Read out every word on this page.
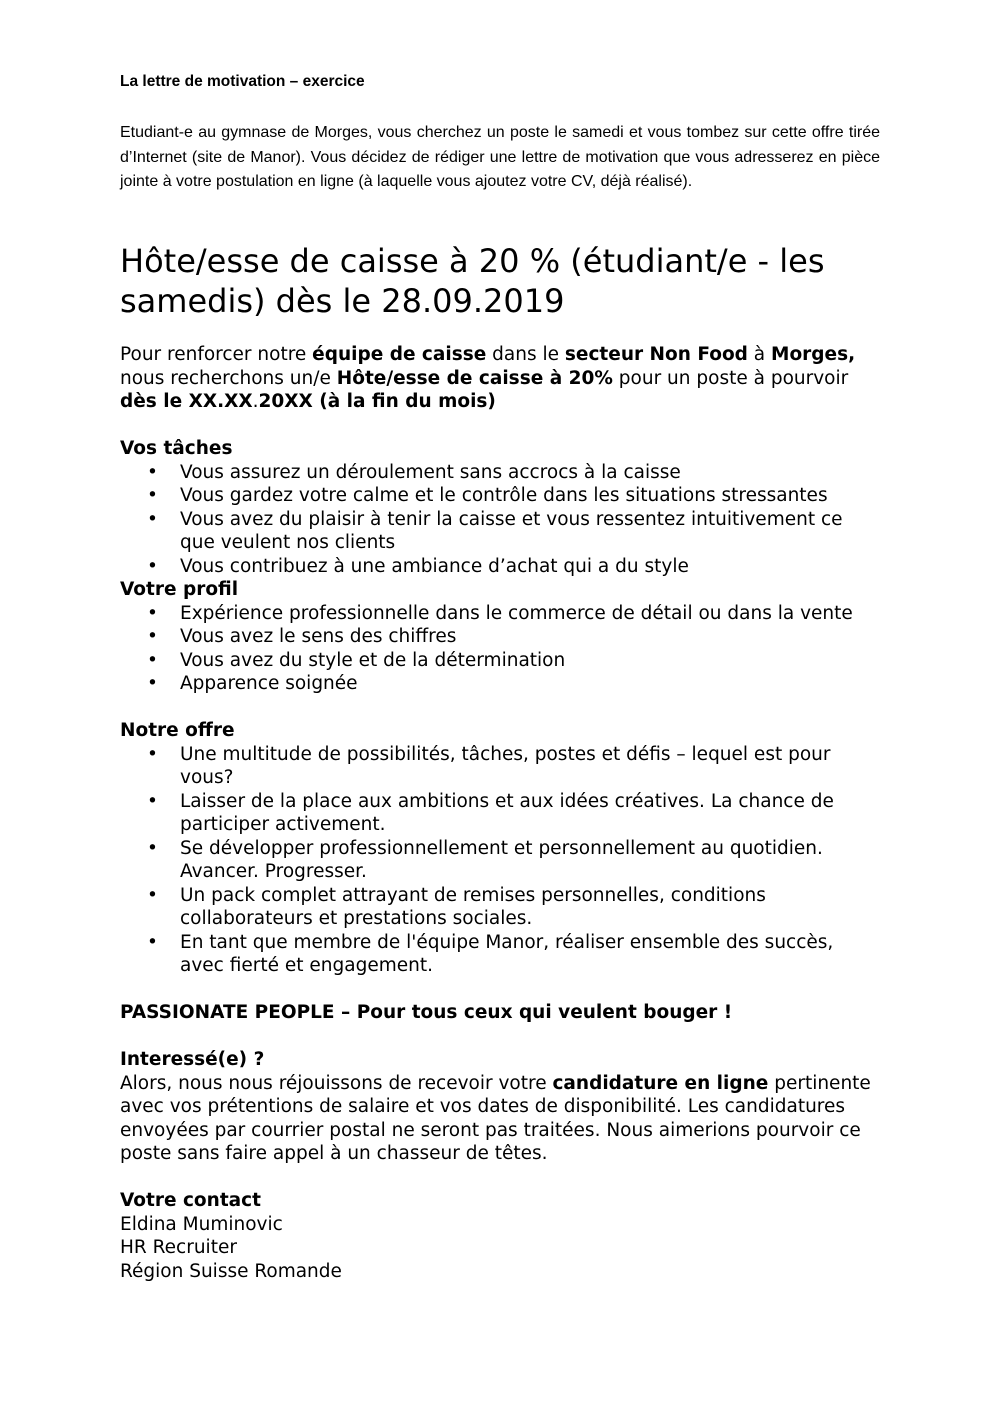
La lettre de motivation – exercice
Etudiant-e au gymnase de Morges, vous cherchez un poste le samedi et vous tombez sur cette offre tirée d’Internet (site de Manor). Vous décidez de rédiger une lettre de motivation que vous adresserez en pièce jointe à votre postulation en ligne (à laquelle vous ajoutez votre CV, déjà réalisé).
Hôte/esse de caisse à 20 % (étudiant/e - les samedis) dès le 28.09.2019

Pour renforcer notre équipe de caisse dans le secteur Non Food à Morges, nous recherchons un/e Hôte/esse de caisse à 20% pour un poste à pourvoir dès le XX.XX.20XX (à la fin du mois)

Vos tâches

• Vous assurez un déroulement sans accrocs à la caisse
• Vous gardez votre calme et le contrôle dans les situations stressantes
• Vous avez du plaisir à tenir la caisse et vous ressentez intuitivement ce que veulent nos clients
• Vous contribuez à une ambiance d’achat qui a du style

Votre profil

• Expérience professionnelle dans le commerce de détail ou dans la vente
• Vous avez le sens des chiffres
• Vous avez du style et de la détermination
• Apparence soignée

Notre offre

• Une multitude de possibilités, tâches, postes et défis – lequel est pour vous?
• Laisser de la place aux ambitions et aux idées créatives. La chance de participer activement.
• Se développer professionnellement et personnellement au quotidien. Avancer. Progresser.
• Un pack complet attrayant de remises personnelles, conditions collaborateurs et prestations sociales.
• En tant que membre de l'équipe Manor, réaliser ensemble des succès, avec fierté et engagement.

PASSIONATE PEOPLE – Pour tous ceux qui veulent bouger !

Interessé(e) ?

Alors, nous nous réjouissons de recevoir votre candidature en ligne pertinente avec vos prétentions de salaire et vos dates de disponibilité. Les candidatures envoyées par courrier postal ne seront pas traitées. Nous aimerions pourvoir ce poste sans faire appel à un chasseur de têtes.

Votre contact

Eldina Muminovic

HR Recruiter

Région Suisse Romande
